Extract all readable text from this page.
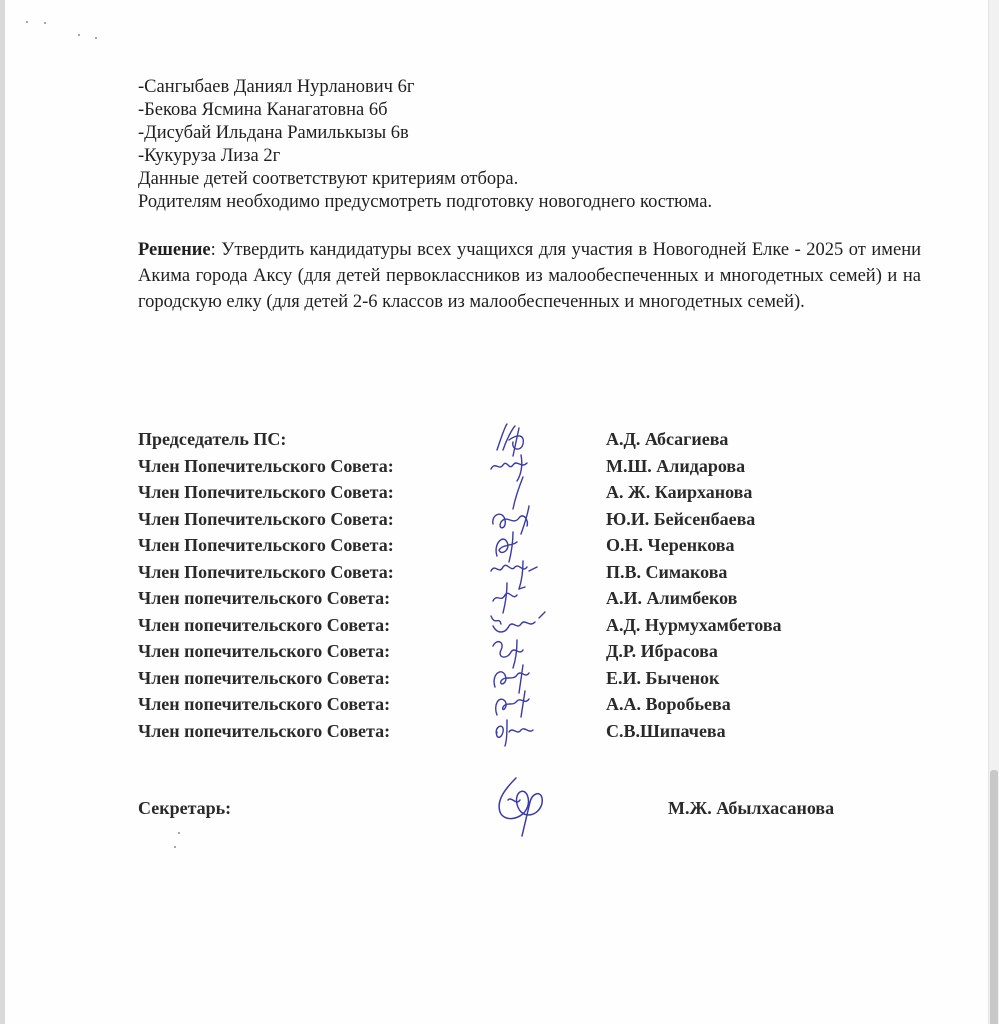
-Сангыбаев Даниял Нурланович 6г
-Бекова Ясмина Канагатовна 6б
-Дисубай Ильдана Рамилькызы 6в
-Кукуруза Лиза 2г
Данные детей соответствуют критериям отбора.
Родителям необходимо предусмотреть подготовку новогоднего костюма.

Решение: Утвердить кандидатуры всех учащихся для участия в Новогодней Елке - 2025 от имени Акима города Аксу (для детей первоклассников из малообеспеченных и многодетных семей) и на городскую елку (для детей 2-6 классов из малообеспеченных и многодетных семей).

Председатель ПС:	А.Д. Абсагиева
Член Попечительского Совета:	М.Ш. Алидарова
Член Попечительского Совета:	А. Ж. Каирханова
Член Попечительского Совета:	Ю.И. Бейсенбаева
Член Попечительского Совета:	О.Н. Черенкова
Член Попечительского Совета:	П.В. Симакова
Член попечительского Совета:	А.И. Алимбеков
Член попечительского Совета:	А.Д. Нурмухамбетова
Член попечительского Совета:	Д.Р. Ибрасова
Член попечительского Совета:	Е.И. Быченок
Член попечительского Совета:	А.А. Воробьева
Член попечительского Совета:	С.В.Шипачева
Секретарь:	М.Ж. Абылхасанова
